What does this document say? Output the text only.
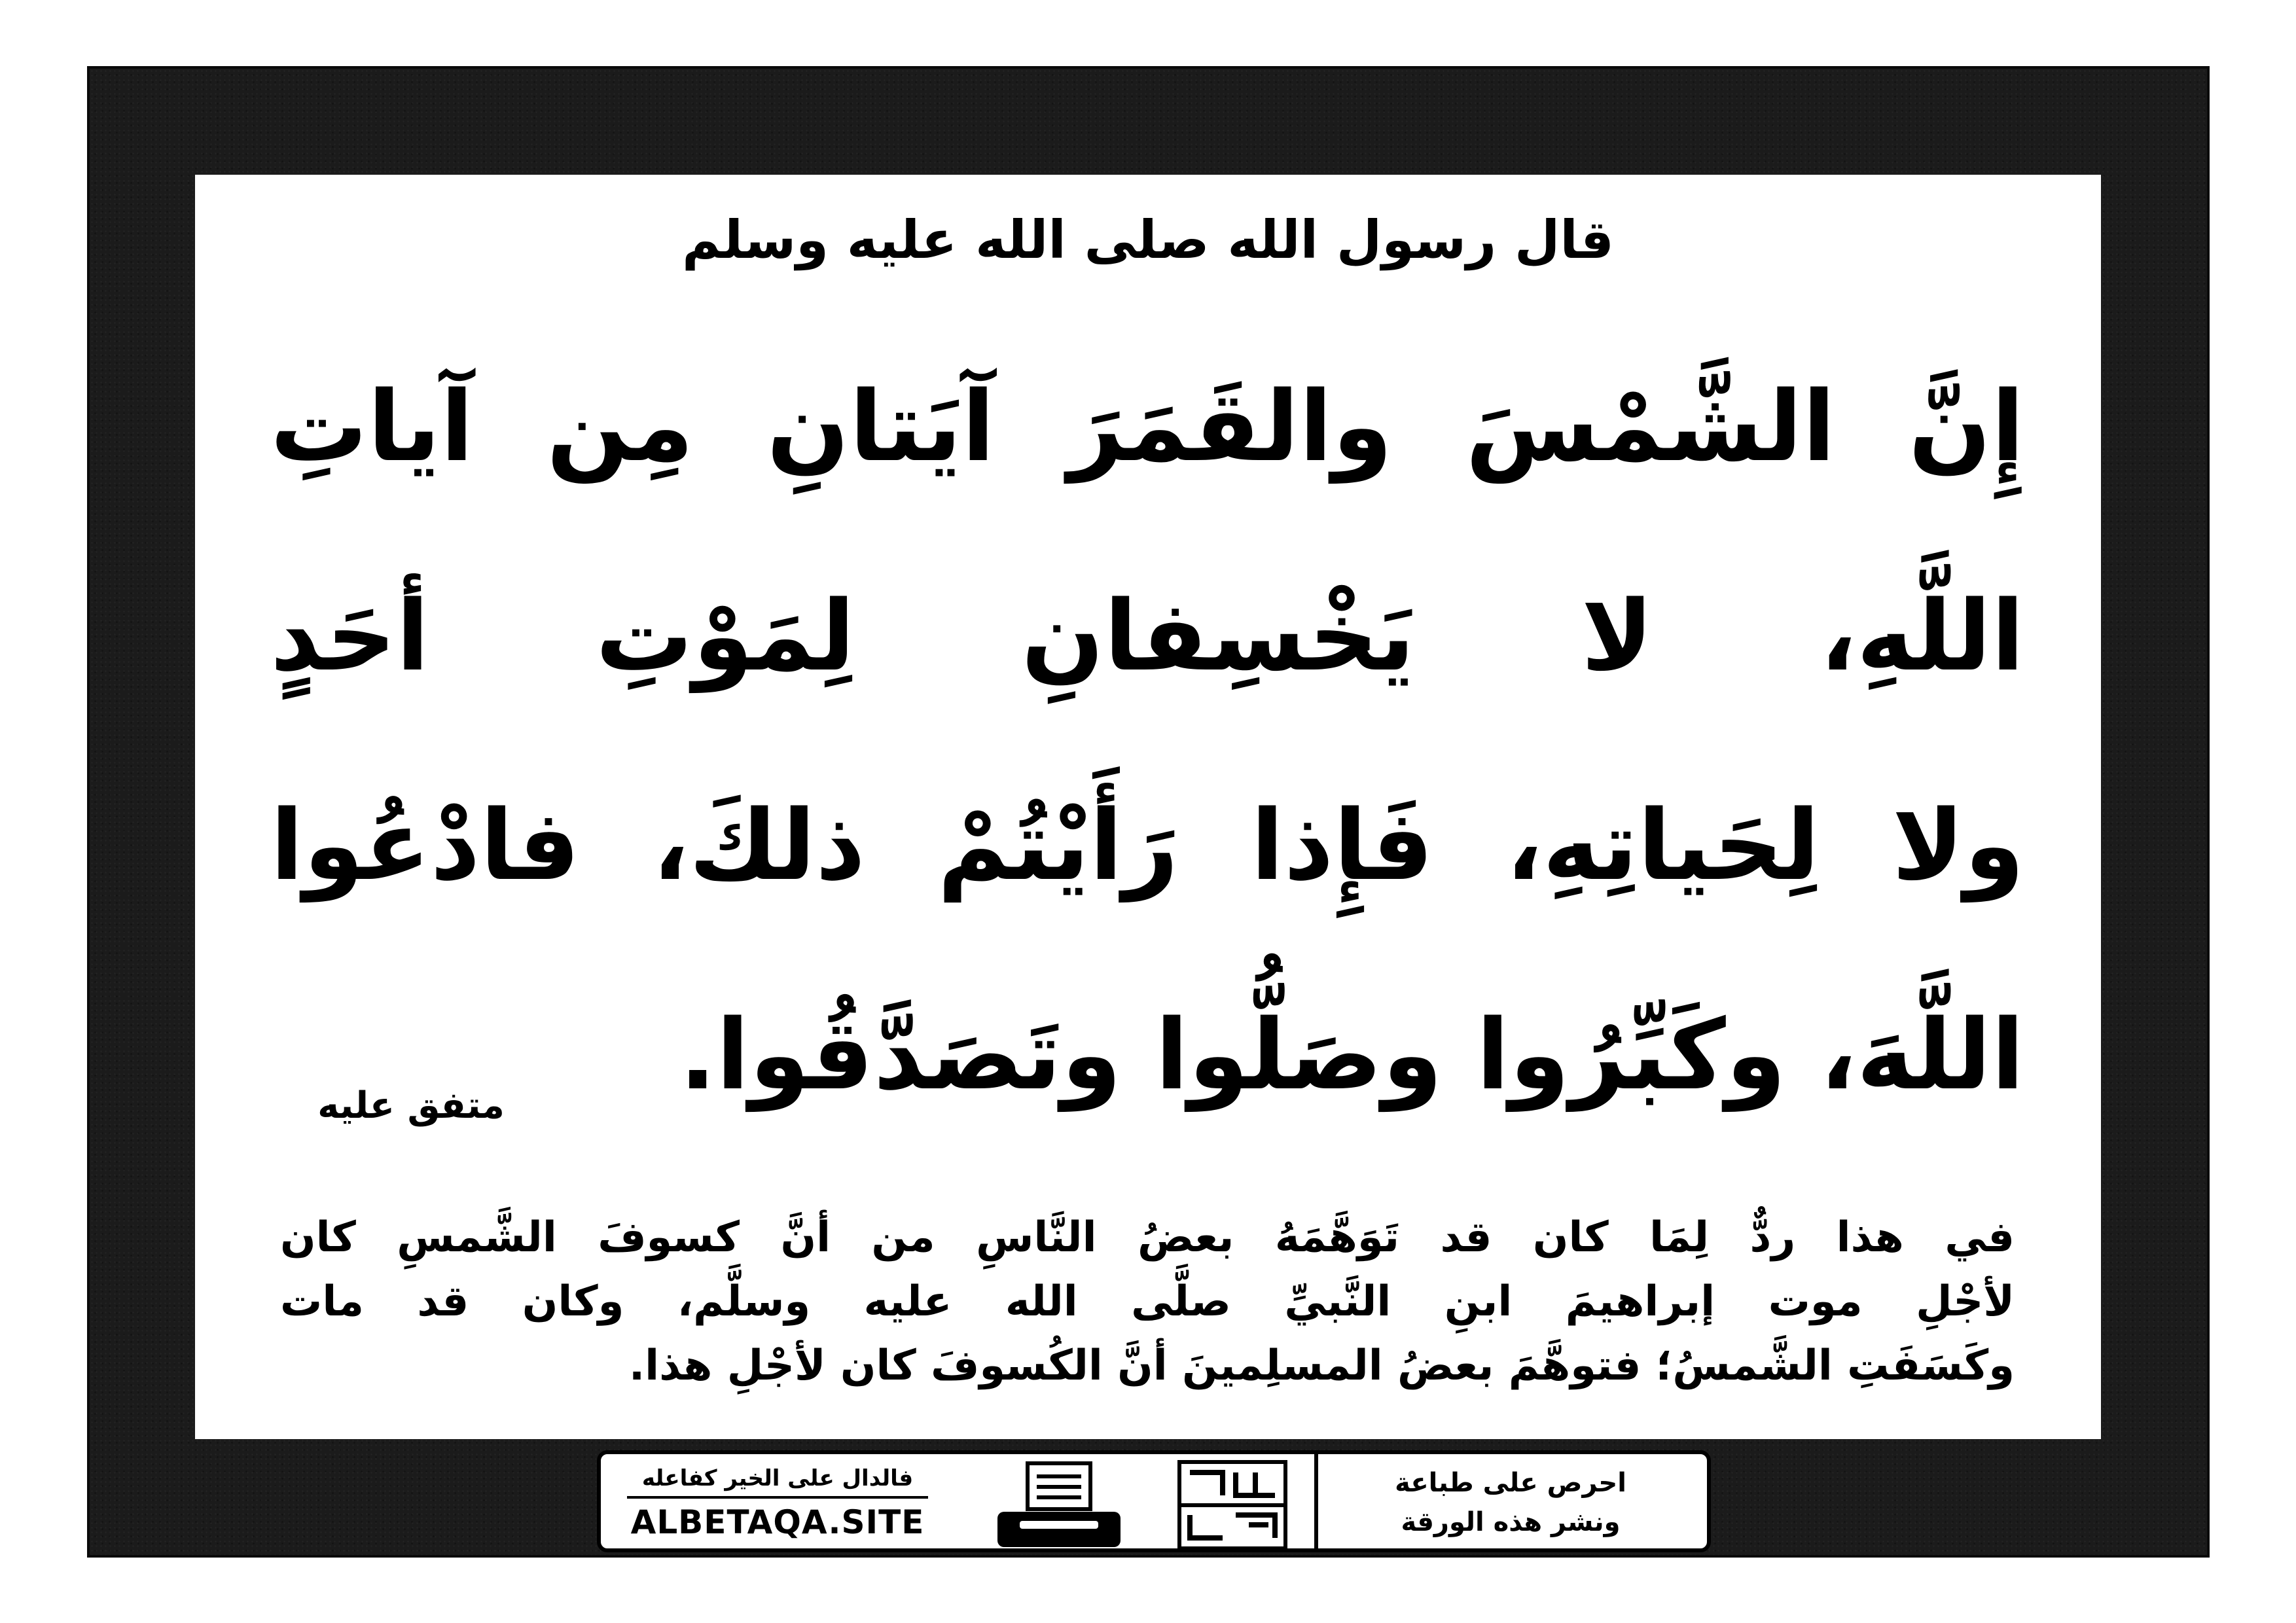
قال رسول الله صلى الله عليه وسلم
إِنَّ الشَّمْسَ والقَمَرَ آيَتانِ مِن آياتِ
اللَّهِ، لا يَخْسِفانِ لِمَوْتِ أحَدٍ
ولا لِحَياتِهِ، فَإِذا رَأَيْتُمْ ذلكَ، فادْعُوا
اللَّهَ، وكَبِّرُوا وصَلُّوا وتَصَدَّقُوا.
متفق عليه
في هذا ردٌّ لِمَا كان قد تَوَهَّمَهُ بعضُ النَّاسِ من أنَّ كسوفَ الشَّمسِ كان
لأجْلِ موت إبراهيمَ ابنِ النَّبيِّ صلَّى الله عليه وسلَّم، وكان قد مات
وكَسَفَتِ الشَّمسُ؛ فتوهَّمَ بعضُ المسلِمينَ أنَّ الكُسوفَ كان لأجْلِ هذا.
فالدال على الخير كفاعله
ALBETAQA.SITE
احرص على طباعة
ونشر هذه الورقة
